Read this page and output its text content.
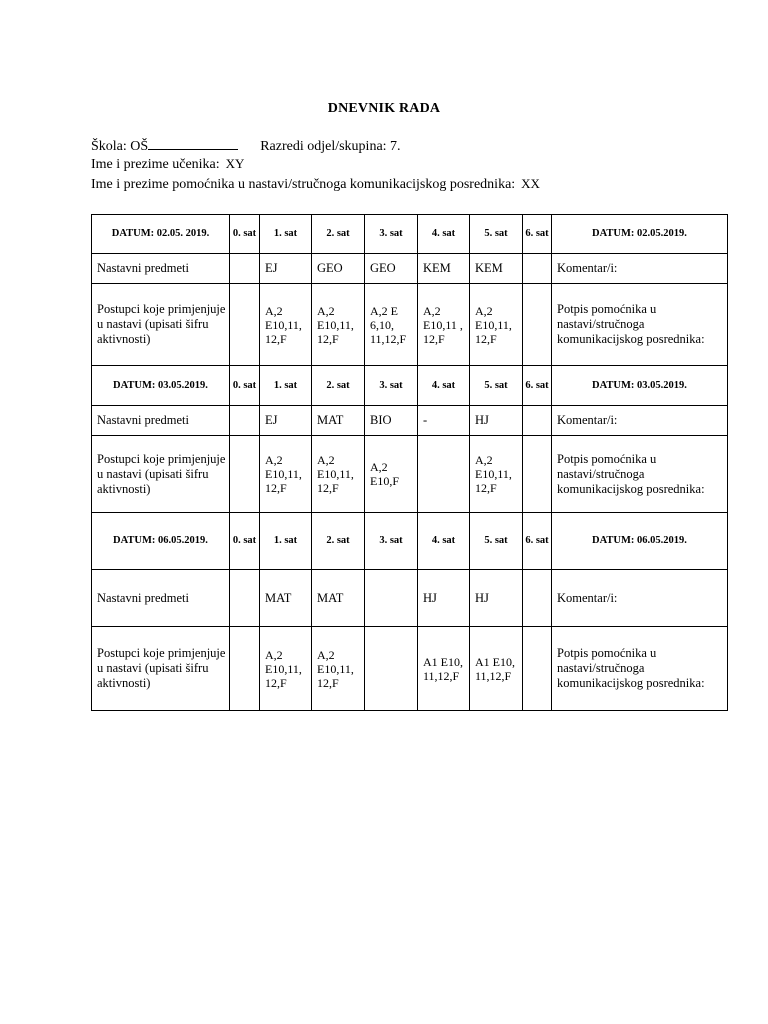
DNEVNIK RADA
Škola: OŠ	Razredi odjel/skupina: 7.
Ime i prezime učenika: XY
Ime i prezime pomoćnika u nastavi/stručnoga komunikacijskog posrednika: XX
DATUM: 02.05. 2019.	0. sat	1. sat	2. sat	3. sat	4. sat	5. sat	6. sat	DATUM: 02.05.2019.
Nastavni predmeti		EJ	GEO	GEO	KEM	KEM		Komentar/i:
Postupci koje primjenjuje u nastavi (upisati šifru aktivnosti)		A,2 E10,11, 12,F	A,2 E10,11, 12,F	A,2 E 6,10, 11,12,F	A,2 E10,11 , 12,F	A,2 E10,11, 12,F		Potpis pomoćnika u nastavi/stručnoga komunikacijskog posrednika:
DATUM: 03.05.2019.	0. sat	1. sat	2. sat	3. sat	4. sat	5. sat	6. sat	DATUM: 03.05.2019.
Nastavni predmeti		EJ	MAT	BIO	-	HJ		Komentar/i:
Postupci koje primjenjuje u nastavi (upisati šifru aktivnosti)		A,2 E10,11, 12,F	A,2 E10,11, 12,F	A,2 E10,F		A,2 E10,11, 12,F		Potpis pomoćnika u nastavi/stručnoga komunikacijskog posrednika:
DATUM: 06.05.2019.	0. sat	1. sat	2. sat	3. sat	4. sat	5. sat	6. sat	DATUM: 06.05.2019.
Nastavni predmeti		MAT	MAT		HJ	HJ		Komentar/i:
Postupci koje primjenjuje u nastavi (upisati šifru aktivnosti)		A,2 E10,11, 12,F	A,2 E10,11, 12,F		A1 E10, 11,12,F	A1 E10, 11,12,F		Potpis pomoćnika u nastavi/stručnoga komunikacijskog posrednika:
